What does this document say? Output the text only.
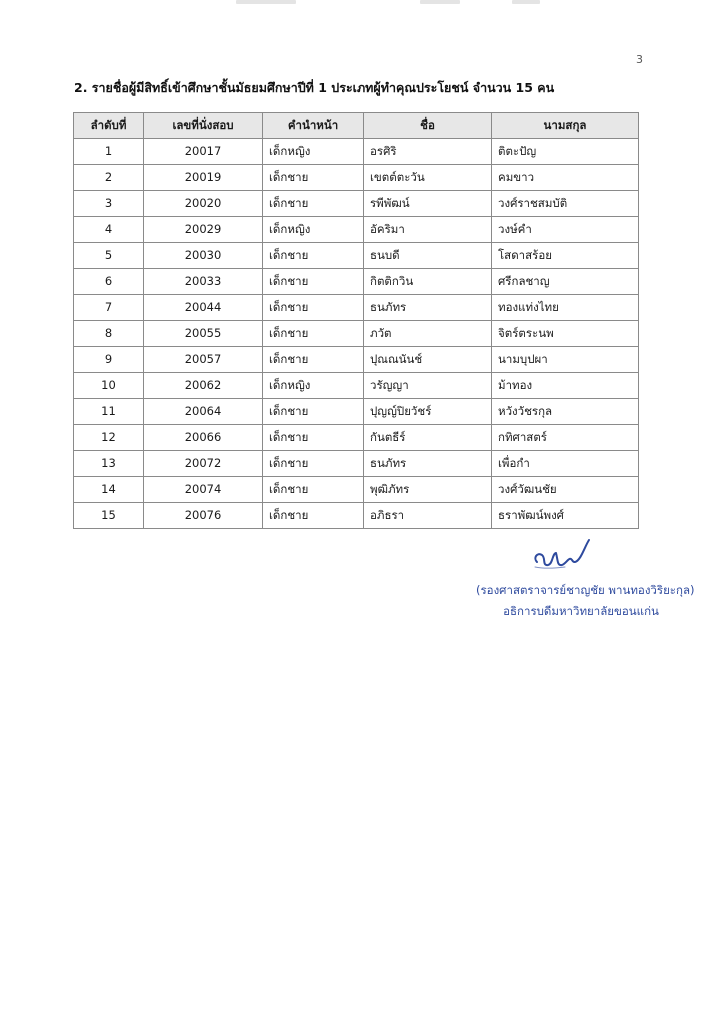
3
2. รายชื่อผู้มีสิทธิ์เข้าศึกษาชั้นมัธยมศึกษาปีที่ 1 ประเภทผู้ทำคุณประโยชน์ จำนวน 15 คน
ลำดับที่	เลขที่นั่งสอบ	คำนำหน้า	ชื่อ	นามสกุล
1	20017	เด็กหญิง	อรศิริ	ติตะปัญ
2	20019	เด็กชาย	เขตต์ตะวัน	คมขาว
3	20020	เด็กชาย	รพีพัฒน์	วงศ์ราชสมบัติ
4	20029	เด็กหญิง	อัคริมา	วงษ์คำ
5	20030	เด็กชาย	ธนบดี	โสดาสร้อย
6	20033	เด็กชาย	กิตติกวิน	ศรีกลชาญ
7	20044	เด็กชาย	ธนภัทร	ทองแท่งไทย
8	20055	เด็กชาย	ภวัต	จิตร์ตระนพ
9	20057	เด็กชาย	ปุณณนันช์	นามบุปผา
10	20062	เด็กหญิง	วรัญญา	ม้าทอง
11	20064	เด็กชาย	ปุญญ์ปิยวัชร์	หวังวัชรกุล
12	20066	เด็กชาย	กันตธีร์	กทิศาสตร์
13	20072	เด็กชาย	ธนภัทร	เพื่อกำ
14	20074	เด็กชาย	พุฒิภัทร	วงศ์วัฒนชัย
15	20076	เด็กชาย	อภิธรา	ธราพัฒน์พงศ์
(รองศาสตราจารย์ชาญชัย พานทองวิริยะกุล)
อธิการบดีมหาวิทยาลัยขอนแก่น
